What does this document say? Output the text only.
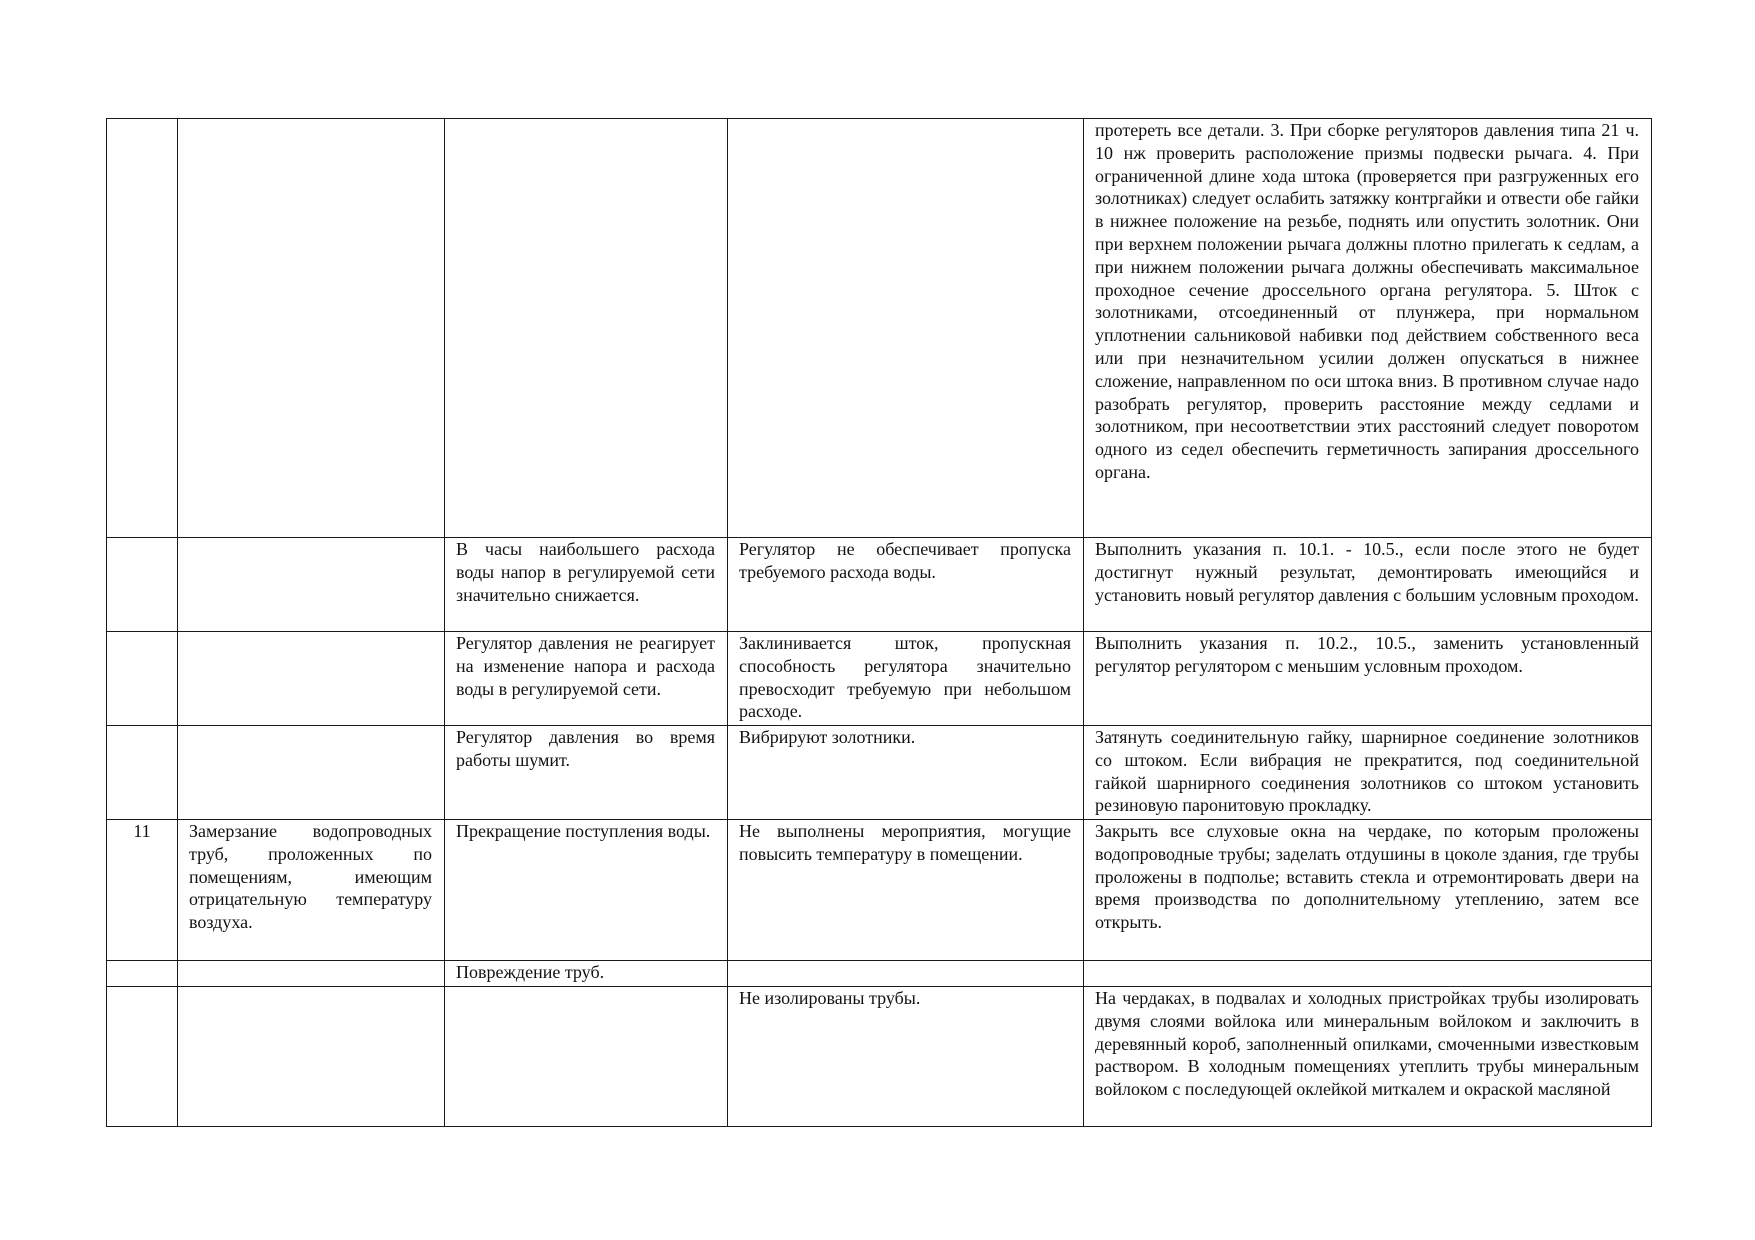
				протереть все детали. 3. При сборке регуляторов давления типа 21 ч. 10 нж проверить расположение призмы подвески рычага. 4. При ограниченной длине хода штока (проверяется при разгруженных его золотниках) следует ослабить затяжку контргайки и отвести обе гайки в нижнее положение на резьбе, поднять или опустить золотник. Они при верхнем положении рычага должны плотно прилегать к седлам, а при нижнем положении рычага должны обеспечивать максимальное проходное сечение дроссельного органа регулятора. 5. Шток с золотниками, отсоединенный от плунжера, при нормальном уплотнении сальниковой набивки под действием собственного веса или при незначительном усилии должен опускаться в нижнее сложение, направленном по оси штока вниз. В противном случае надо разобрать регулятор, проверить расстояние между седлами и золотником, при несоответствии этих расстояний следует поворотом одного из седел обеспечить герметичность запирания дроссельного органа.
		В часы наибольшего расхода воды напор в регулируемой сети значительно снижается.	Регулятор не обеспечивает пропуска требуемого расхода воды.	Выполнить указания п. 10.1. - 10.5., если после этого не будет достигнут нужный результат, демонтировать имеющийся и установить новый регулятор давления с большим условным проходом.
		Регулятор давления не реагирует на изменение напора и расхода воды в регулируемой сети.	Заклинивается шток, пропускная способность регулятора значительно превосходит требуемую при небольшом расходе.	Выполнить указания п. 10.2., 10.5., заменить установленный регулятор регулятором с меньшим условным проходом.
		Регулятор давления во время работы шумит.	Вибрируют золотники.	Затянуть соединительную гайку, шарнирное соединение золотников со штоком. Если вибрация не прекратится, под соединительной гайкой шарнирного соединения золотников со штоком установить резиновую паронитовую прокладку.
11	Замерзание водопроводных труб, проложенных по помещениям, имеющим отрицательную температуру воздуха.	Прекращение поступления воды.	Не выполнены мероприятия, могущие повысить температуру в помещении.	Закрыть все слуховые окна на чердаке, по которым проложены водопроводные трубы; заделать отдушины в цоколе здания, где трубы проложены в подполье; вставить стекла и отремонтировать двери на время производства по дополнительному утеплению, затем все открыть.
		Повреждение труб.		
			Не изолированы трубы.	На чердаках, в подвалах и холодных пристройках трубы изолировать двумя слоями войлока или минеральным войлоком и заключить в деревянный короб, заполненный опилками, смоченными известковым раствором. В холодным помещениях утеплить трубы минеральным войлоком с последующей оклейкой миткалем и окраской масляной
